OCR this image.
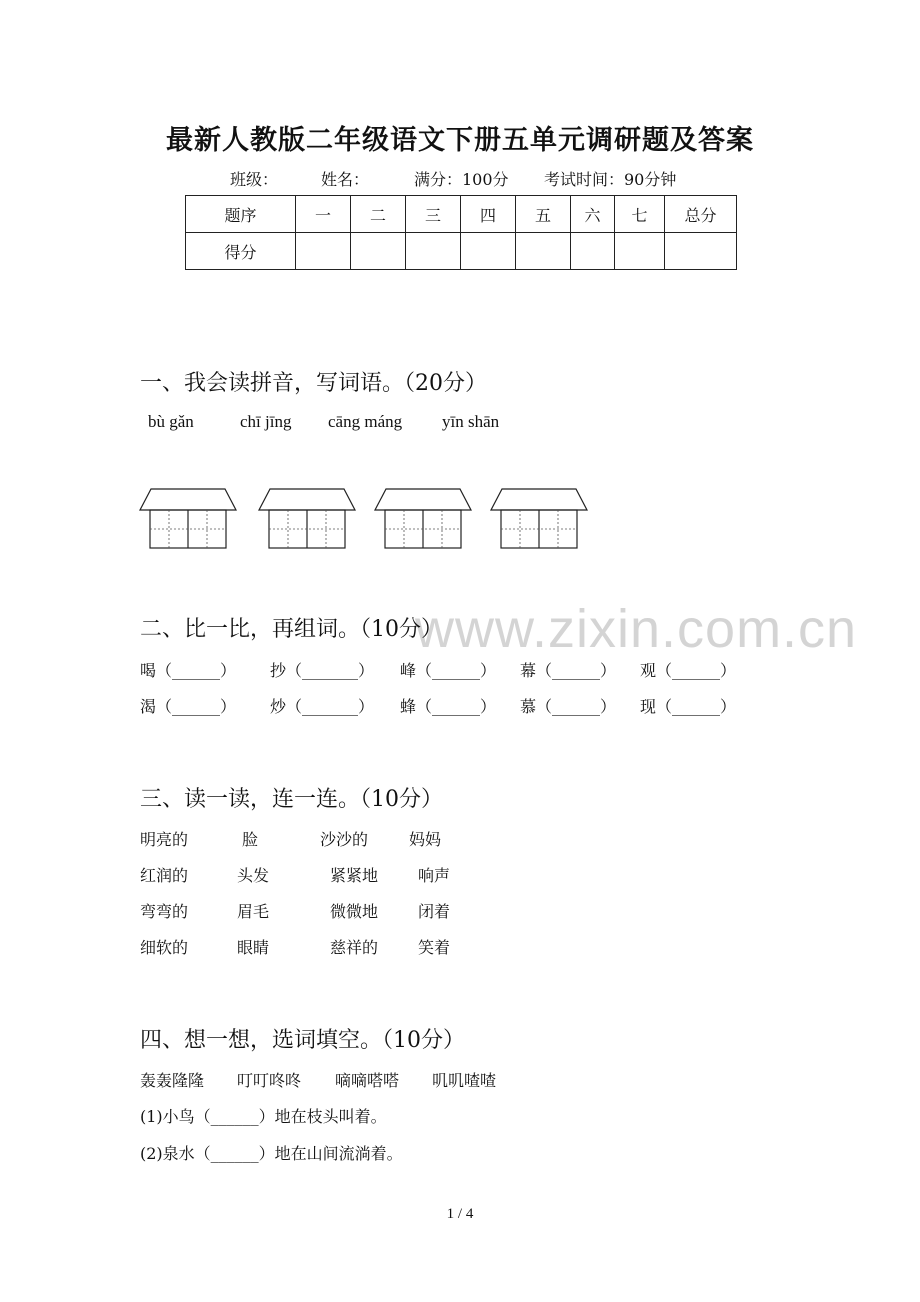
最新人教版二年级语文下册五单元调研题及答案
班级：	姓名：	满分：100分 考试时间：90分钟
题序	一	二	三	四	五	六	七	总分
得分								
一、我会读拼音，写词语。（20分）
bù gǎn	chī jīng cāng máng yīn shān
www.zixin.com.cn
二、比一比，再组词。（10分）
喝（______） 抄（_______） 峰（______） 幕（______） 观（______）
渴（______） 炒（_______） 蜂（______） 慕（______） 现（______）
三、读一读，连一连。（10分）
明亮的	脸	沙沙的	妈妈
红润的	头发	紧紧地 响声
弯弯的	眉毛	微微地 闭着
细软的	眼睛	慈祥的 笑着
四、想一想，选词填空。（10分）
轰轰隆隆 叮叮咚咚 嘀嘀嗒嗒 叽叽喳喳
(1)小鸟（______）地在枝头叫着。
(2)泉水（______）地在山间流淌着。
1 / 4
